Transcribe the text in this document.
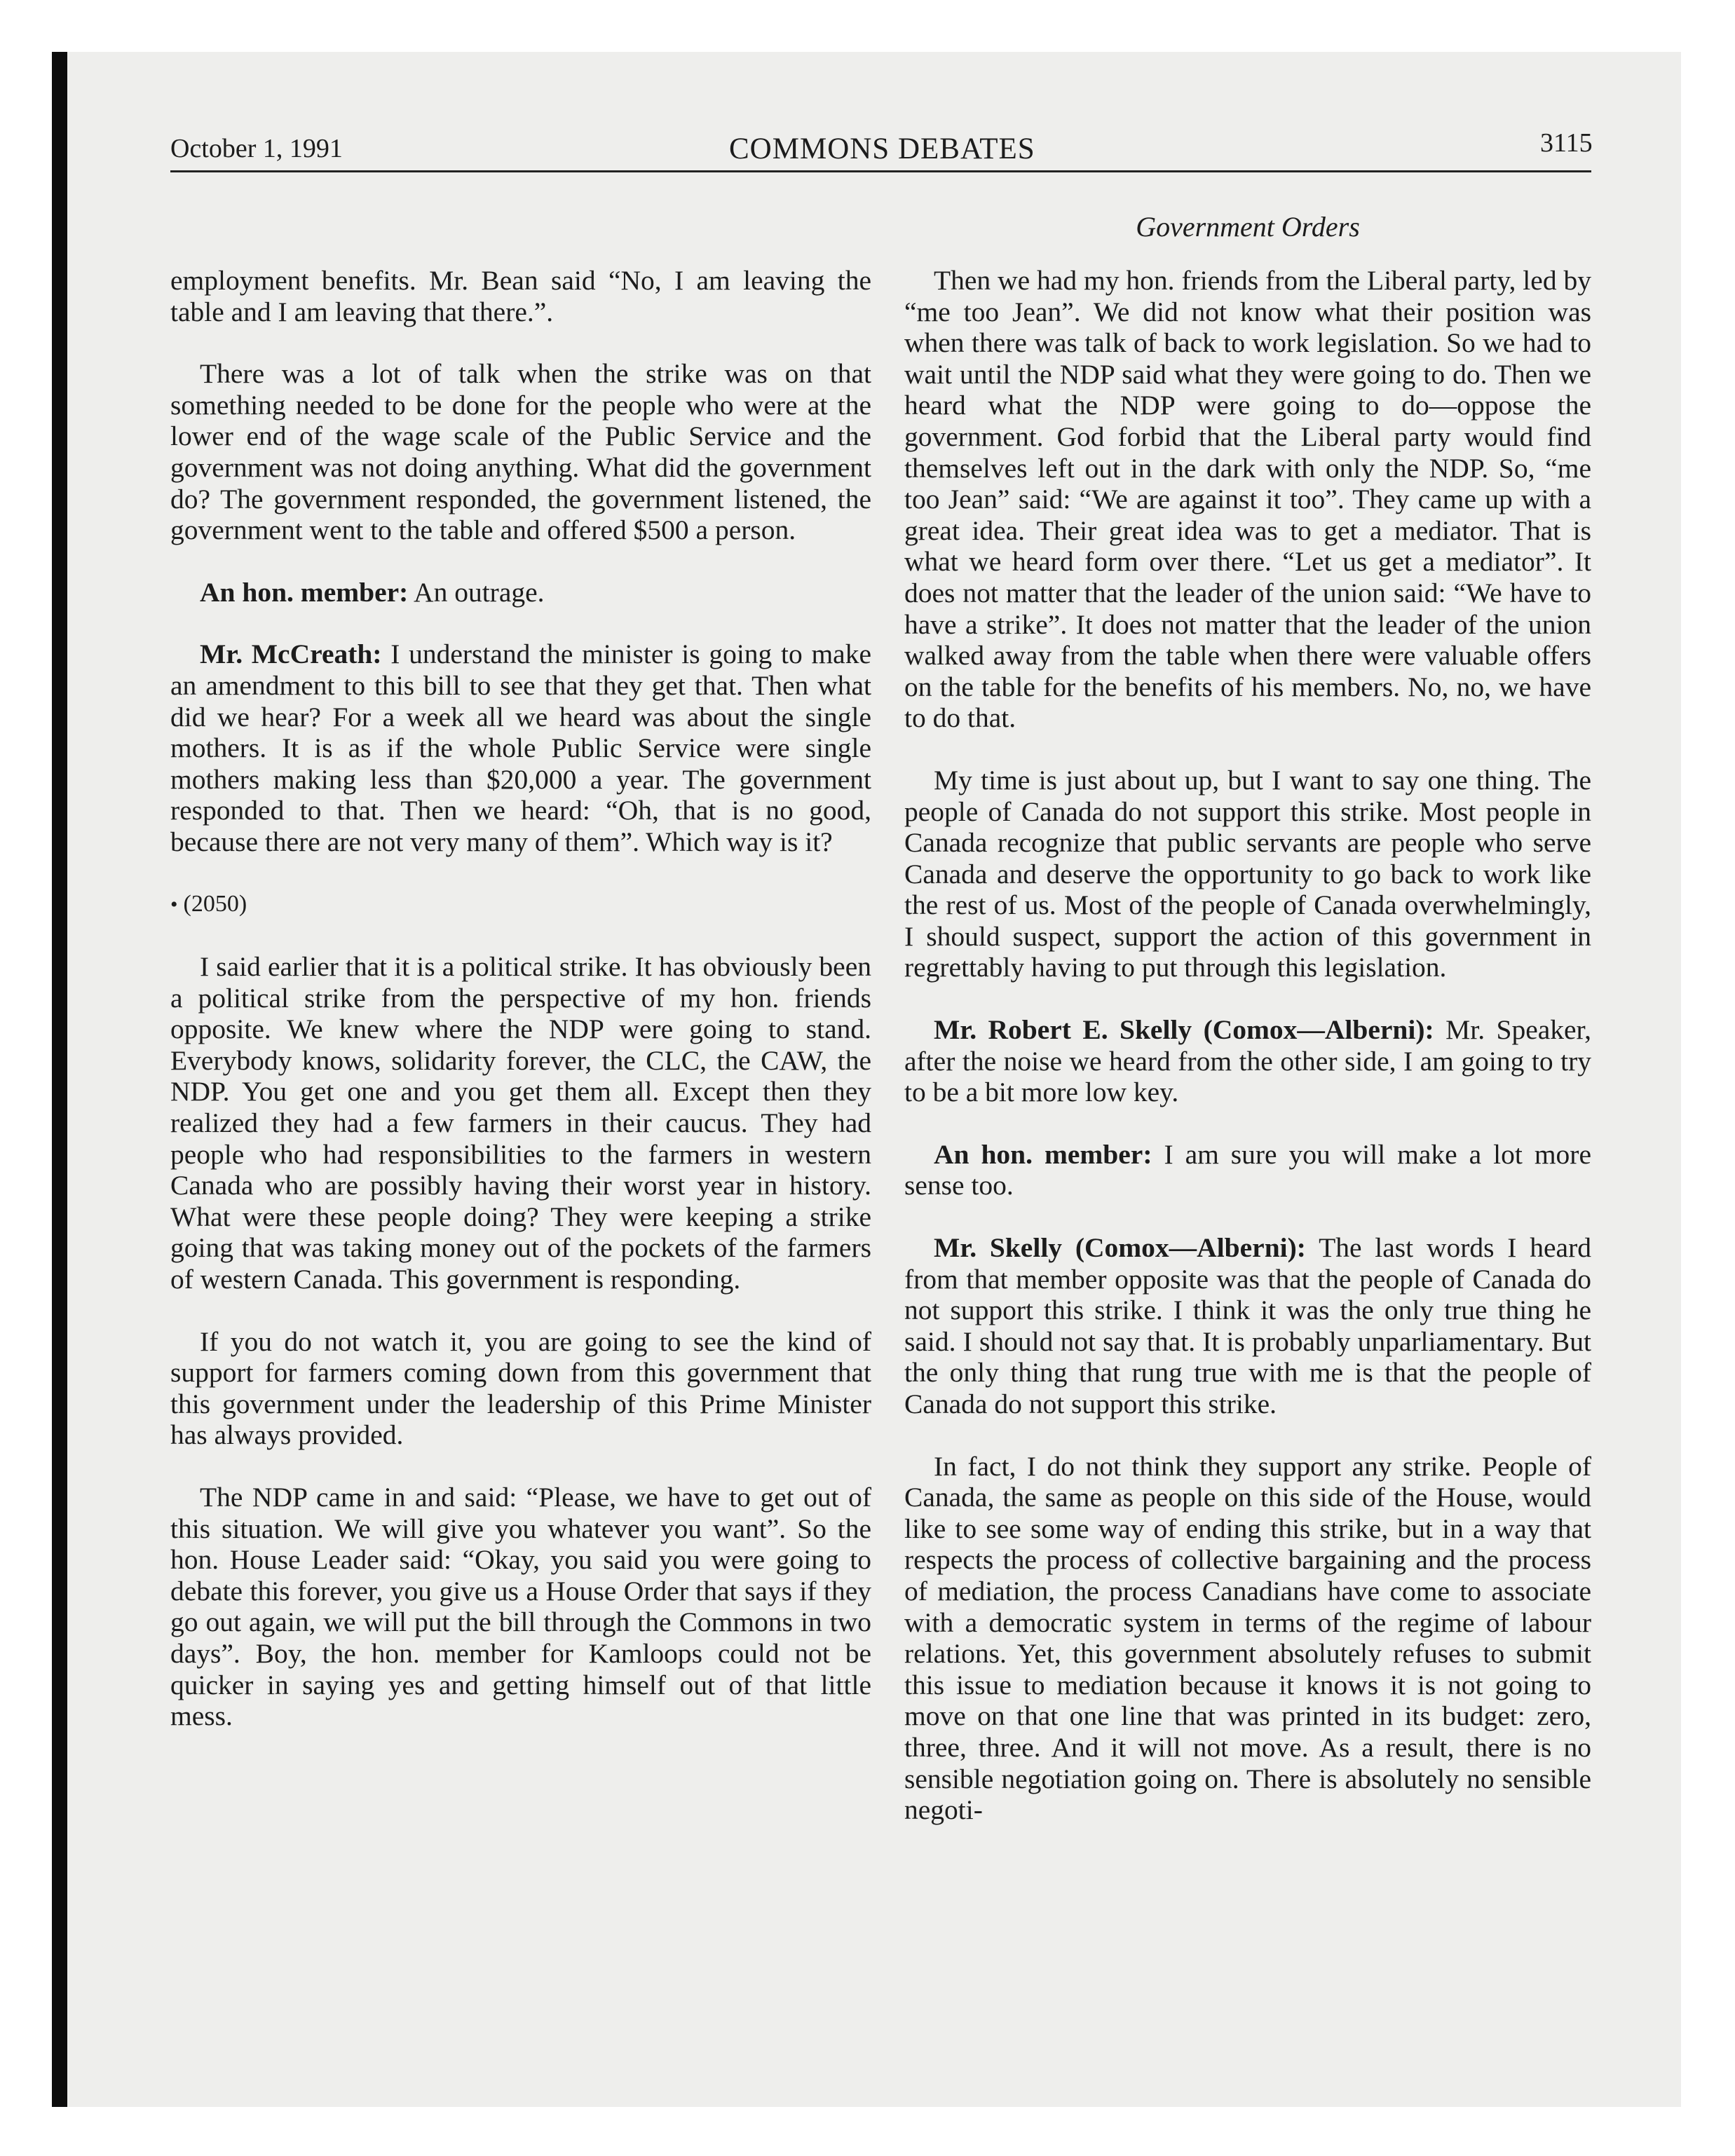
October 1, 1991	COMMONS DEBATES	3115
Government Orders

employment benefits. Mr. Bean said “No, I am leaving the table and I am leaving that there.”.

There was a lot of talk when the strike was on that something needed to be done for the people who were at the lower end of the wage scale of the Public Service and the government was not doing anything. What did the government do? The government responded, the government listened, the government went to the table and offered $500 a person.

An hon. member: An outrage.

Mr. McCreath: I understand the minister is going to make an amendment to this bill to see that they get that. Then what did we hear? For a week all we heard was about the single mothers. It is as if the whole Public Service were single mothers making less than $20,000 a year. The government responded to that. Then we heard: “Oh, that is no good, because there are not very many of them”. Which way is it?

• (2050)

I said earlier that it is a political strike. It has obviously been a political strike from the perspective of my hon. friends opposite. We knew where the NDP were going to stand. Everybody knows, solidarity forever, the CLC, the CAW, the NDP. You get one and you get them all. Except then they realized they had a few farmers in their caucus. They had people who had responsibilities to the farmers in western Canada who are possibly having their worst year in history. What were these people doing? They were keeping a strike going that was taking money out of the pockets of the farmers of western Canada. This government is responding.

If you do not watch it, you are going to see the kind of support for farmers coming down from this government that this government under the leadership of this Prime Minister has always provided.

The NDP came in and said: “Please, we have to get out of this situation. We will give you whatever you want”. So the hon. House Leader said: “Okay, you said you were going to debate this forever, you give us a House Order that says if they go out again, we will put the bill through the Commons in two days”. Boy, the hon. member for Kamloops could not be quicker in saying yes and getting himself out of that little mess.

Then we had my hon. friends from the Liberal party, led by “me too Jean”. We did not know what their position was when there was talk of back to work legislation. So we had to wait until the NDP said what they were going to do. Then we heard what the NDP were going to do—oppose the government. God forbid that the Liberal party would find themselves left out in the dark with only the NDP. So, “me too Jean” said: “We are against it too”. They came up with a great idea. Their great idea was to get a mediator. That is what we heard form over there. “Let us get a mediator”. It does not matter that the leader of the union said: “We have to have a strike”. It does not matter that the leader of the union walked away from the table when there were valuable offers on the table for the benefits of his members. No, no, we have to do that.

My time is just about up, but I want to say one thing. The people of Canada do not support this strike. Most people in Canada recognize that public servants are people who serve Canada and deserve the opportunity to go back to work like the rest of us. Most of the people of Canada overwhelmingly, I should suspect, support the action of this government in regrettably having to put through this legislation.

Mr. Robert E. Skelly (Comox—Alberni): Mr. Speaker, after the noise we heard from the other side, I am going to try to be a bit more low key.

An hon. member: I am sure you will make a lot more sense too.

Mr. Skelly (Comox—Alberni): The last words I heard from that member opposite was that the people of Canada do not support this strike. I think it was the only true thing he said. I should not say that. It is probably unparliamentary. But the only thing that rung true with me is that the people of Canada do not support this strike.

In fact, I do not think they support any strike. People of Canada, the same as people on this side of the House, would like to see some way of ending this strike, but in a way that respects the process of collective bargaining and the process of mediation, the process Canadians have come to associate with a democratic system in terms of the regime of labour relations. Yet, this government absolutely refuses to submit this issue to mediation because it knows it is not going to move on that one line that was printed in its budget: zero, three, three. And it will not move. As a result, there is no sensible negotiation going on. There is absolutely no sensible negoti-
